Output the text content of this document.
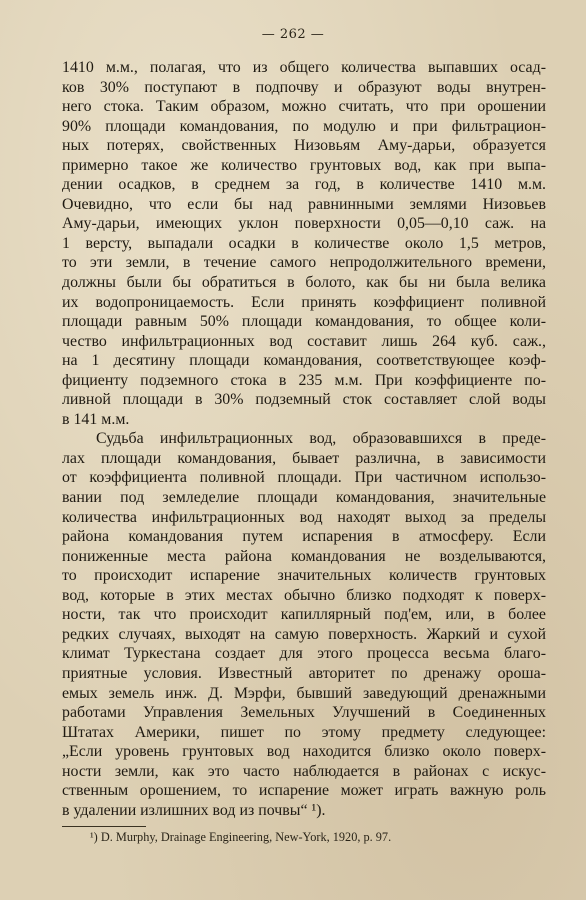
— 262 —
1410 м.м., полагая, что из общего количества выпавших осад-
ков 30% поступают в подпочву и образуют воды внутрен-
него стока. Таким образом, можно считать, что при орошении
90% площади командования, по модулю и при фильтрацион-
ных потерях, свойственных Низовьям Аму-дарьи, образуется
примерно такое же количество грунтовых вод, как при выпа-
дении осадков, в среднем за год, в количестве 1410 м.м.
Очевидно, что если бы над равнинными землями Низовьев
Аму-дарьи, имеющих уклон поверхности 0,05—0,10 саж. на
1 версту, выпадали осадки в количестве около 1,5 метров,
то эти земли, в течение самого непродолжительного времени,
должны были бы обратиться в болото, как бы ни была велика
их водопроницаемость. Если принять коэффициент поливной
площади равным 50% площади командования, то общее коли-
чество инфильтрационных вод составит лишь 264 куб. саж.,
на 1 десятину площади командования, соответствующее коэф-
фициенту подземного стока в 235 м.м. При коэффициенте по-
ливной площади в 30% подземный сток составляет слой воды
в 141 м.м.
Судьба инфильтрационных вод, образовавшихся в преде-
лах площади командования, бывает различна, в зависимости
от коэффициента поливной площади. При частичном использо-
вании под земледелие площади командования, значительные
количества инфильтрационных вод находят выход за пределы
района командования путем испарения в атмосферу. Если
пониженные места района командования не возделываются,
то происходит испарение значительных количеств грунтовых
вод, которые в этих местах обычно близко подходят к поверх-
ности, так что происходит капиллярный под'ем, или, в более
редких случаях, выходят на самую поверхность. Жаркий и сухой
климат Туркестана создает для этого процесса весьма благо-
приятные условия. Известный авторитет по дренажу ороша-
емых земель инж. Д. Мэрфи, бывший заведующий дренажными
работами Управления Земельных Улучшений в Соединенных
Штатах Америки, пишет по этому предмету следующее:
„Если уровень грунтовых вод находится близко около поверх-
ности земли, как это часто наблюдается в районах с искус-
ственным орошением, то испарение может играть важную роль
в удалении излишних вод из почвы“ ¹).
¹) D. Murphy, Drainage Engineering, New-York, 1920, p. 97.
